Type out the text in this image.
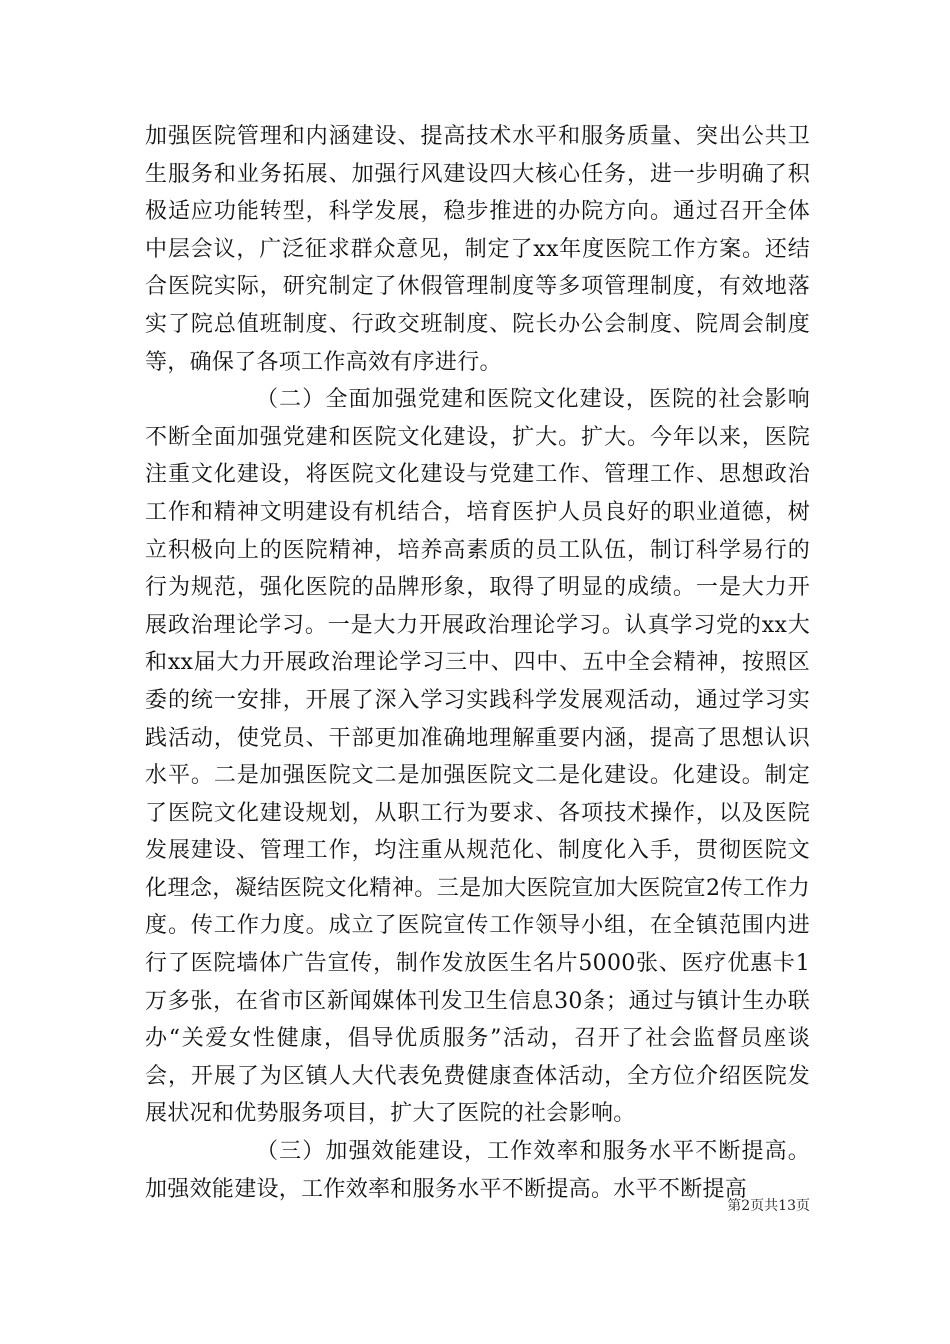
加强医院管理和内涵建设、提高技术水平和服务质量、突出公共卫生服务和业务拓展、加强行风建设四大核心任务，进一步明确了积极适应功能转型，科学发展，稳步推进的办院方向。通过召开全体中层会议，广泛征求群众意见，制定了xx年度医院工作方案。还结合医院实际，研究制定了休假管理制度等多项管理制度，有效地落实了院总值班制度、行政交班制度、院长办公会制度、院周会制度等，确保了各项工作高效有序进行。

（二）全面加强党建和医院文化建设，医院的社会影响不断全面加强党建和医院文化建设，扩大。扩大。今年以来，医院注重文化建设，将医院文化建设与党建工作、管理工作、思想政治工作和精神文明建设有机结合，培育医护人员良好的职业道德，树立积极向上的医院精神，培养高素质的员工队伍，制订科学易行的行为规范，强化医院的品牌形象，取得了明显的成绩。一是大力开展政治理论学习。一是大力开展政治理论学习。认真学习党的xx大和xx届大力开展政治理论学习三中、四中、五中全会精神，按照区委的统一安排，开展了深入学习实践科学发展观活动，通过学习实践活动，使党员、干部更加准确地理解重要内涵，提高了思想认识水平。二是加强医院文二是加强医院文二是化建设。化建设。制定了医院文化建设规划，从职工行为要求、各项技术操作，以及医院发展建设、管理工作，均注重从规范化、制度化入手，贯彻医院文化理念，凝结医院文化精神。三是加大医院宣加大医院宣2传工作力度。传工作力度。成立了医院宣传工作领导小组，在全镇范围内进行了医院墙体广告宣传，制作发放医生名片5000张、医疗优惠卡1万多张，在省市区新闻媒体刊发卫生信息30条；通过与镇计生办联办“关爱女性健康，倡导优质服务”活动，召开了社会监督员座谈会，开展了为区镇人大代表免费健康查体活动，全方位介绍医院发展状况和优势服务项目，扩大了医院的社会影响。

（三）加强效能建设，工作效率和服务水平不断提高。加强效能建设，工作效率和服务水平不断提高。水平不断提高

第2页共13页
